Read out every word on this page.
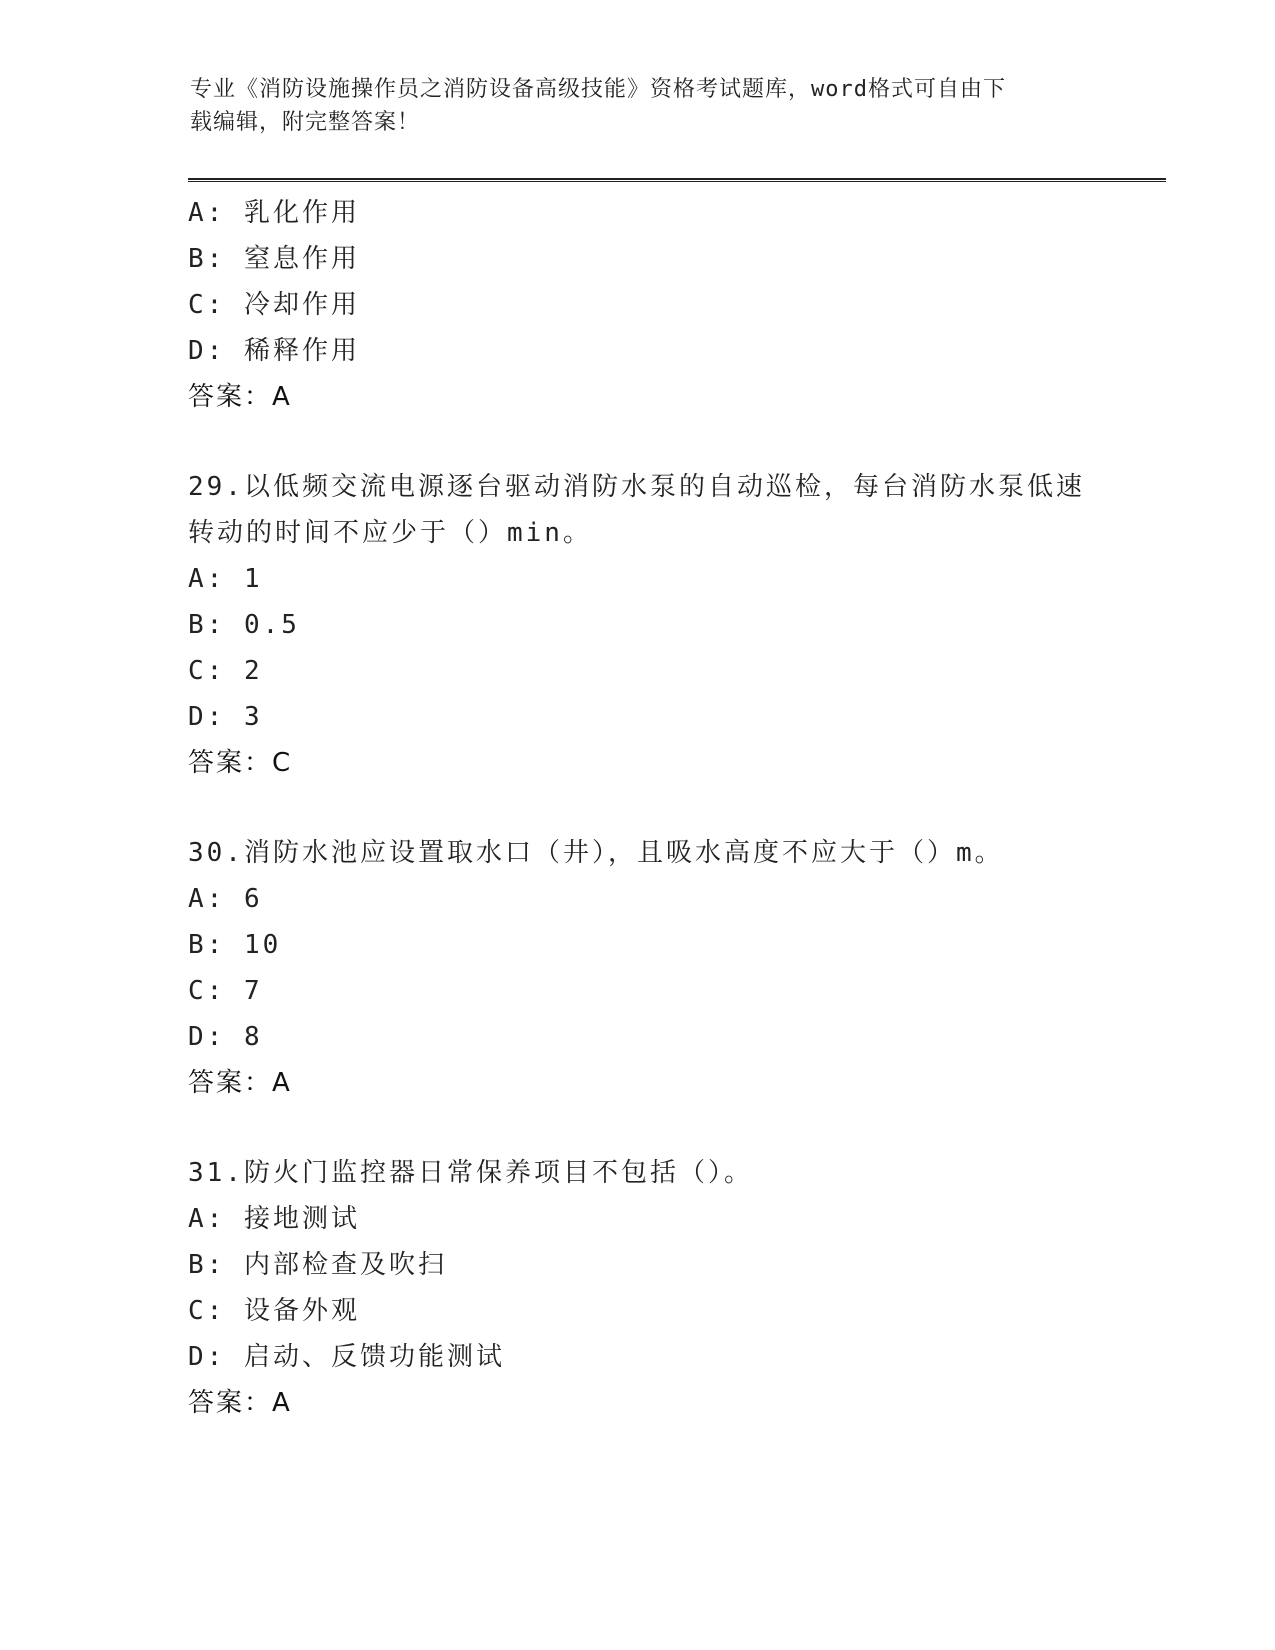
专业《消防设施操作员之消防设备高级技能》资格考试题库，word格式可自由下
载编辑，附完整答案！
A: 乳化作用
B: 窒息作用
C: 冷却作用
D: 稀释作用
答案：A
29.以低频交流电源逐台驱动消防水泵的自动巡检，每台消防水泵低速
转动的时间不应少于（）min。
A: 1
B: 0.5
C: 2
D: 3
答案：C
30.消防水池应设置取水口（井），且吸水高度不应大于（）m。
A: 6
B: 10
C: 7
D: 8
答案：A
31.防火门监控器日常保养项目不包括（）。
A: 接地测试
B: 内部检查及吹扫
C: 设备外观
D: 启动、反馈功能测试
答案：A
